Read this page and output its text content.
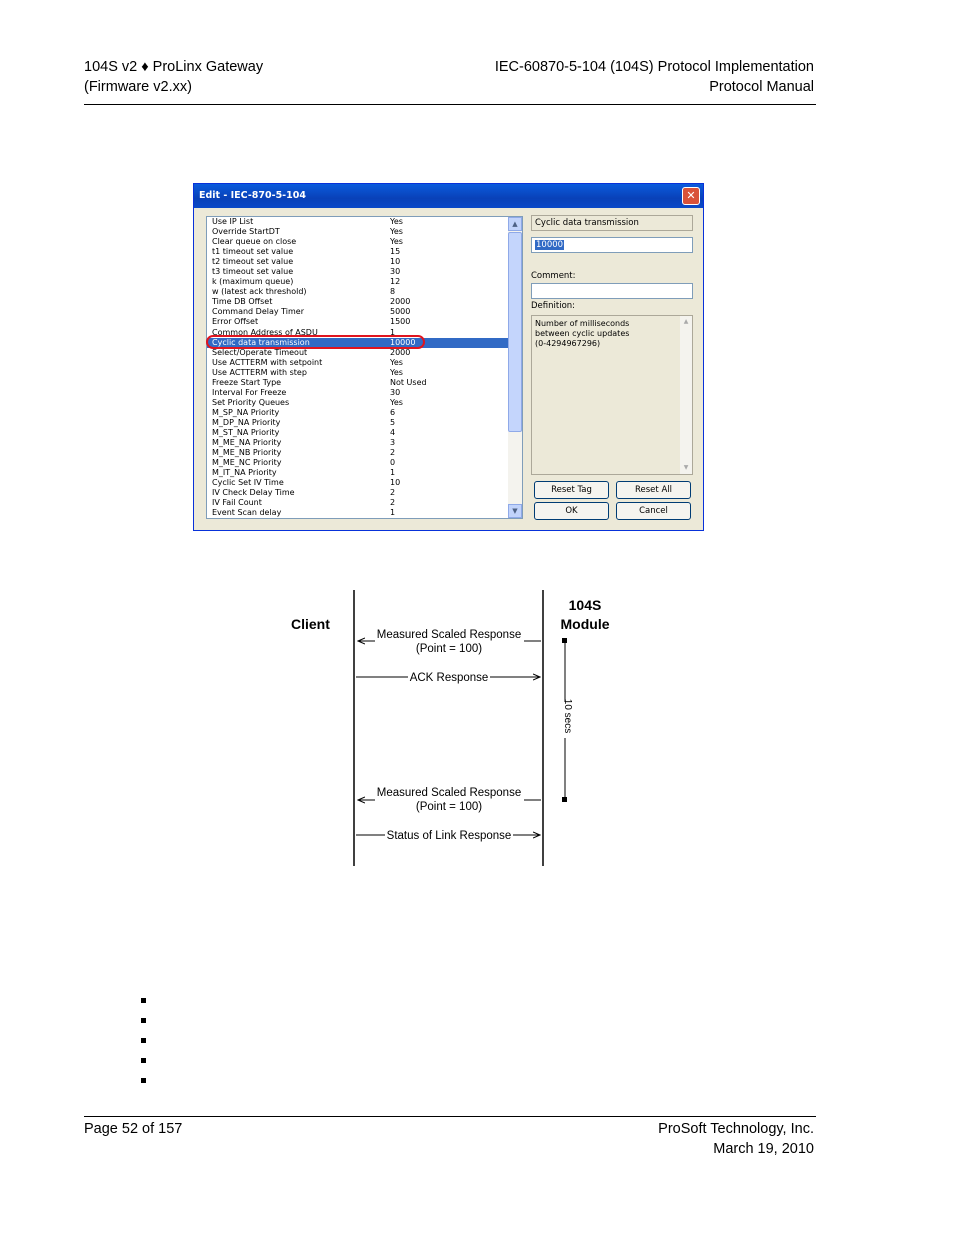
104S v2 ♦ ProLinx Gateway
(Firmware v2.xx)
IEC-60870-5-104 (104S) Protocol Implementation
Protocol Manual
Edit - IEC-870-5-104	✕
Use IP List	Yes
Override StartDT	Yes
Clear queue on close	Yes
t1 timeout set value	15
t2 timeout set value	10
t3 timeout set value	30
k (maximum queue)	12
w (latest ack threshold)	8
Time DB Offset	2000
Command Delay Timer	5000
Error Offset	1500
Common Address of ASDU	1
Cyclic data transmission	10000
Select/Operate Timeout	2000
Use ACTTERM with setpoint	Yes
Use ACTTERM with step	Yes
Freeze Start Type	Not Used
Interval For Freeze	30
Set Priority Queues	Yes
M_SP_NA Priority	6
M_DP_NA Priority	5
M_ST_NA Priority	4
M_ME_NA Priority	3
M_ME_NB Priority	2
M_ME_NC Priority	0
M_IT_NA Priority	1
Cyclic Set IV Time	10
IV Check Delay Time	2
IV Fail Count	2
Event Scan delay	1
▲
▼
Cyclic data transmission
10000
Comment:
Definition:
Number of milliseconds
between cyclic updates
(0-4294967296)
▲
▼
Reset Tag	Reset All
OK	Cancel
Client
104S
Module
Measured Scaled Response
(Point = 100)
ACK Response
10 secs
Measured Scaled Response
(Point = 100)
Status of Link Response
Page 52 of 157	ProSoft Technology, Inc.
March 19, 2010
